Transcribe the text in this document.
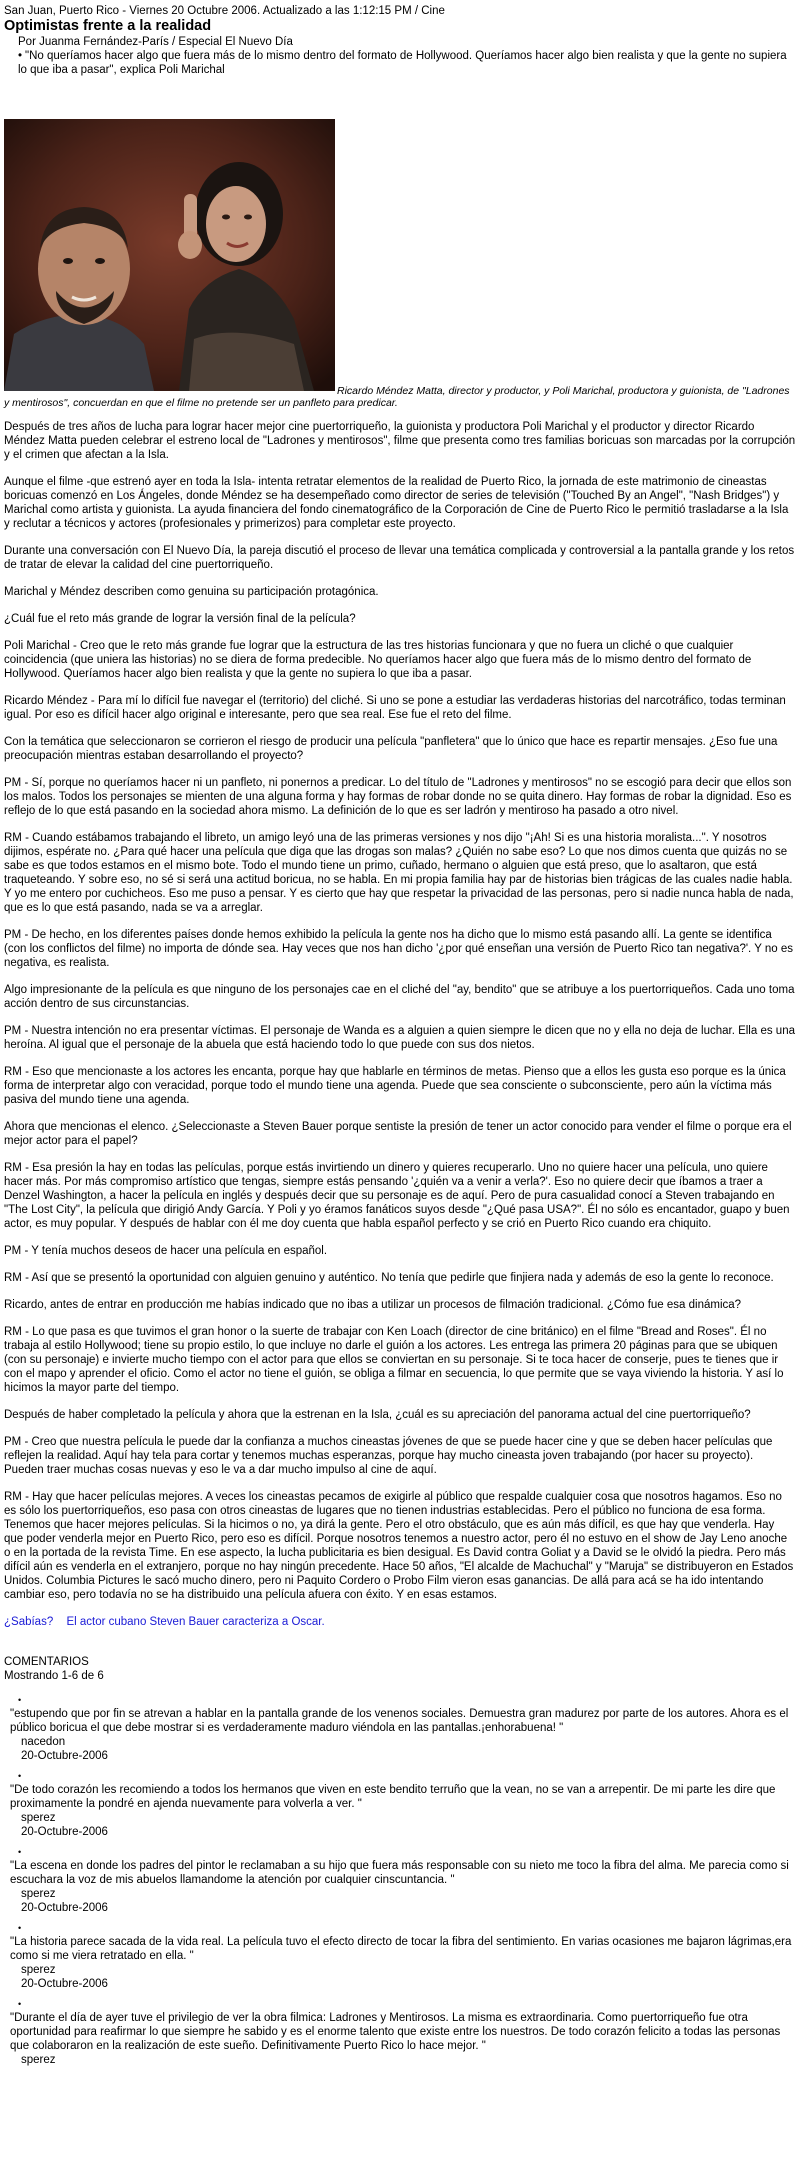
San Juan, Puerto Rico - Viernes 20 Octubre 2006. Actualizado a las 1:12:15 PM / Cine
Optimistas frente a la realidad
Por Juanma Fernández-París / Especial El Nuevo Día
• "No queríamos hacer algo que fuera más de lo mismo dentro del formato de Hollywood. Queríamos hacer algo bien realista y que la gente no supiera lo que iba a pasar", explica Poli Marichal
Ricardo Méndez Matta, director y productor, y Poli Marichal, productora y guionista, de "Ladrones y mentirosos", concuerdan en que el filme no pretende ser un panfleto para predicar.

Después de tres años de lucha para lograr hacer mejor cine puertorriqueño, la guionista y productora Poli Marichal y el productor y director Ricardo Méndez Matta pueden celebrar el estreno local de "Ladrones y mentirosos", filme que presenta como tres familias boricuas son marcadas por la corrupción y el crimen que afectan a la Isla.

Aunque el filme -que estrenó ayer en toda la Isla- intenta retratar elementos de la realidad de Puerto Rico, la jornada de este matrimonio de cineastas boricuas comenzó en Los Ángeles, donde Méndez se ha desempeñado como director de series de televisión ("Touched By an Angel", "Nash Bridges") y Marichal como artista y guionista. La ayuda financiera del fondo cinematográfico de la Corporación de Cine de Puerto Rico le permitió trasladarse a la Isla y reclutar a técnicos y actores (profesionales y primerizos) para completar este proyecto.

Durante una conversación con El Nuevo Día, la pareja discutió el proceso de llevar una temática complicada y controversial a la pantalla grande y los retos de tratar de elevar la calidad del cine puertorriqueño.

Marichal y Méndez describen como genuina su participación protagónica.

¿Cuál fue el reto más grande de lograr la versión final de la película?

Poli Marichal - Creo que le reto más grande fue lograr que la estructura de las tres historias funcionara y que no fuera un cliché o que cualquier coincidencia (que uniera las historias) no se diera de forma predecible. No queríamos hacer algo que fuera más de lo mismo dentro del formato de Hollywood. Queríamos hacer algo bien realista y que la gente no supiera lo que iba a pasar.

Ricardo Méndez - Para mí lo difícil fue navegar el (territorio) del cliché. Si uno se pone a estudiar las verdaderas historias del narcotráfico, todas terminan igual. Por eso es difícil hacer algo original e interesante, pero que sea real. Ese fue el reto del filme.

Con la temática que seleccionaron se corrieron el riesgo de producir una película "panfletera" que lo único que hace es repartir mensajes. ¿Eso fue una preocupación mientras estaban desarrollando el proyecto?

PM - Sí, porque no queríamos hacer ni un panfleto, ni ponernos a predicar. Lo del título de "Ladrones y mentirosos" no se escogió para decir que ellos son los malos. Todos los personajes se mienten de una alguna forma y hay formas de robar donde no se quita dinero. Hay formas de robar la dignidad. Eso es reflejo de lo que está pasando en la sociedad ahora mismo. La definición de lo que es ser ladrón y mentiroso ha pasado a otro nivel.

RM - Cuando estábamos trabajando el libreto, un amigo leyó una de las primeras versiones y nos dijo "¡Ah! Si es una historia moralista...". Y nosotros dijimos, espérate no. ¿Para qué hacer una película que diga que las drogas son malas? ¿Quién no sabe eso? Lo que nos dimos cuenta que quizás no se sabe es que todos estamos en el mismo bote. Todo el mundo tiene un primo, cuñado, hermano o alguien que está preso, que lo asaltaron, que está traqueteando. Y sobre eso, no sé si será una actitud boricua, no se habla. En mi propia familia hay par de historias bien trágicas de las cuales nadie habla. Y yo me entero por cuchicheos. Eso me puso a pensar. Y es cierto que hay que respetar la privacidad de las personas, pero si nadie nunca habla de nada, que es lo que está pasando, nada se va a arreglar.

PM - De hecho, en los diferentes países donde hemos exhibido la película la gente nos ha dicho que lo mismo está pasando allí. La gente se identifica (con los conflictos del filme) no importa de dónde sea. Hay veces que nos han dicho '¿por qué enseñan una versión de Puerto Rico tan negativa?'. Y no es negativa, es realista.

Algo impresionante de la película es que ninguno de los personajes cae en el cliché del "ay, bendito" que se atribuye a los puertorriqueños. Cada uno toma acción dentro de sus circunstancias.

PM - Nuestra intención no era presentar víctimas. El personaje de Wanda es a alguien a quien siempre le dicen que no y ella no deja de luchar. Ella es una heroína. Al igual que el personaje de la abuela que está haciendo todo lo que puede con sus dos nietos.

RM - Eso que mencionaste a los actores les encanta, porque hay que hablarle en términos de metas. Pienso que a ellos les gusta eso porque es la única forma de interpretar algo con veracidad, porque todo el mundo tiene una agenda. Puede que sea consciente o subconsciente, pero aún la víctima más pasiva del mundo tiene una agenda.

Ahora que mencionas el elenco. ¿Seleccionaste a Steven Bauer porque sentiste la presión de tener un actor conocido para vender el filme o porque era el mejor actor para el papel?

RM - Esa presión la hay en todas las películas, porque estás invirtiendo un dinero y quieres recuperarlo. Uno no quiere hacer una película, uno quiere hacer más. Por más compromiso artístico que tengas, siempre estás pensando '¿quién va a venir a verla?'. Eso no quiere decir que íbamos a traer a Denzel Washington, a hacer la película en inglés y después decir que su personaje es de aquí. Pero de pura casualidad conocí a Steven trabajando en "The Lost City", la película que dirigió Andy García. Y Poli y yo éramos fanáticos suyos desde "¿Qué pasa USA?". Él no sólo es encantador, guapo y buen actor, es muy popular. Y después de hablar con él me doy cuenta que habla español perfecto y se crió en Puerto Rico cuando era chiquito.

PM - Y tenía muchos deseos de hacer una película en español.

RM - Así que se presentó la oportunidad con alguien genuino y auténtico. No tenía que pedirle que finjiera nada y además de eso la gente lo reconoce.

Ricardo, antes de entrar en producción me habías indicado que no ibas a utilizar un procesos de filmación tradicional. ¿Cómo fue esa dinámica?

RM - Lo que pasa es que tuvimos el gran honor o la suerte de trabajar con Ken Loach (director de cine británico) en el filme "Bread and Roses". Él no trabaja al estilo Hollywood; tiene su propio estilo, lo que incluye no darle el guión a los actores. Les entrega las primera 20 páginas para que se ubiquen (con su personaje) e invierte mucho tiempo con el actor para que ellos se conviertan en su personaje. Si te toca hacer de conserje, pues te tienes que ir con el mapo y aprender el oficio. Como el actor no tiene el guión, se obliga a filmar en secuencia, lo que permite que se vaya viviendo la historia. Y así lo hicimos la mayor parte del tiempo.

Después de haber completado la película y ahora que la estrenan en la Isla, ¿cuál es su apreciación del panorama actual del cine puertorriqueño?

PM - Creo que nuestra película le puede dar la confianza a muchos cineastas jóvenes de que se puede hacer cine y que se deben hacer películas que reflejen la realidad. Aquí hay tela para cortar y tenemos muchas esperanzas, porque hay mucho cineasta joven trabajando (por hacer su proyecto). Pueden traer muchas cosas nuevas y eso le va a dar mucho impulso al cine de aquí.

RM - Hay que hacer películas mejores. A veces los cineastas pecamos de exigirle al público que respalde cualquier cosa que nosotros hagamos. Eso no es sólo los puertorriqueños, eso pasa con otros cineastas de lugares que no tienen industrias establecidas. Pero el público no funciona de esa forma. Tenemos que hacer mejores películas. Si la hicimos o no, ya dirá la gente. Pero el otro obstáculo, que es aún más difícil, es que hay que venderla. Hay que poder venderla mejor en Puerto Rico, pero eso es difícil. Porque nosotros tenemos a nuestro actor, pero él no estuvo en el show de Jay Leno anoche o en la portada de la revista Time. En ese aspecto, la lucha publicitaria es bien desigual. Es David contra Goliat y a David se le olvidó la piedra. Pero más difícil aún es venderla en el extranjero, porque no hay ningún precedente. Hace 50 años, "El alcalde de Machuchal" y "Maruja" se distribuyeron en Estados Unidos. Columbia Pictures le sacó mucho dinero, pero ni Paquito Cordero o Probo Film vieron esas ganancias. De allá para acá se ha ido intentando cambiar eso, pero todavía no se ha distribuido una película afuera con éxito. Y en esas estamos.

¿Sabías? El actor cubano Steven Bauer caracteriza a Oscar.
COMENTARIOS
Mostrando 1-6 de 6
•
"estupendo que por fin se atrevan a hablar en la pantalla grande de los venenos sociales. Demuestra gran madurez por parte de los autores. Ahora es el público boricua el que debe mostrar si es verdaderamente maduro viéndola en las pantallas.¡enhorabuena! "
nacedon
20-Octubre-2006
•
"De todo corazón les recomiendo a todos los hermanos que viven en este bendito terruño que la vean, no se van a arrepentir. De mi parte les dire que proximamente la pondré en ajenda nuevamente para volverla a ver. "
sperez
20-Octubre-2006
•
"La escena en donde los padres del pintor le reclamaban a su hijo que fuera más responsable con su nieto me toco la fibra del alma. Me parecia como si escuchara la voz de mis abuelos llamandome la atención por cualquier cinscuntancia. "
sperez
20-Octubre-2006
•
"La historia parece sacada de la vida real. La película tuvo el efecto directo de tocar la fibra del sentimiento. En varias ocasiones me bajaron lágrimas,era como si me viera retratado en ella. "
sperez
20-Octubre-2006
•
"Durante el día de ayer tuve el privilegio de ver la obra filmica: Ladrones y Mentirosos. La misma es extraordinaria. Como puertorriqueño fue otra oportunidad para reafirmar lo que siempre he sabido y es el enorme talento que existe entre los nuestros. De todo corazón felicito a todas las personas que colaboraron en la realización de este sueño. Definitivamente Puerto Rico lo hace mejor. "
sperez
